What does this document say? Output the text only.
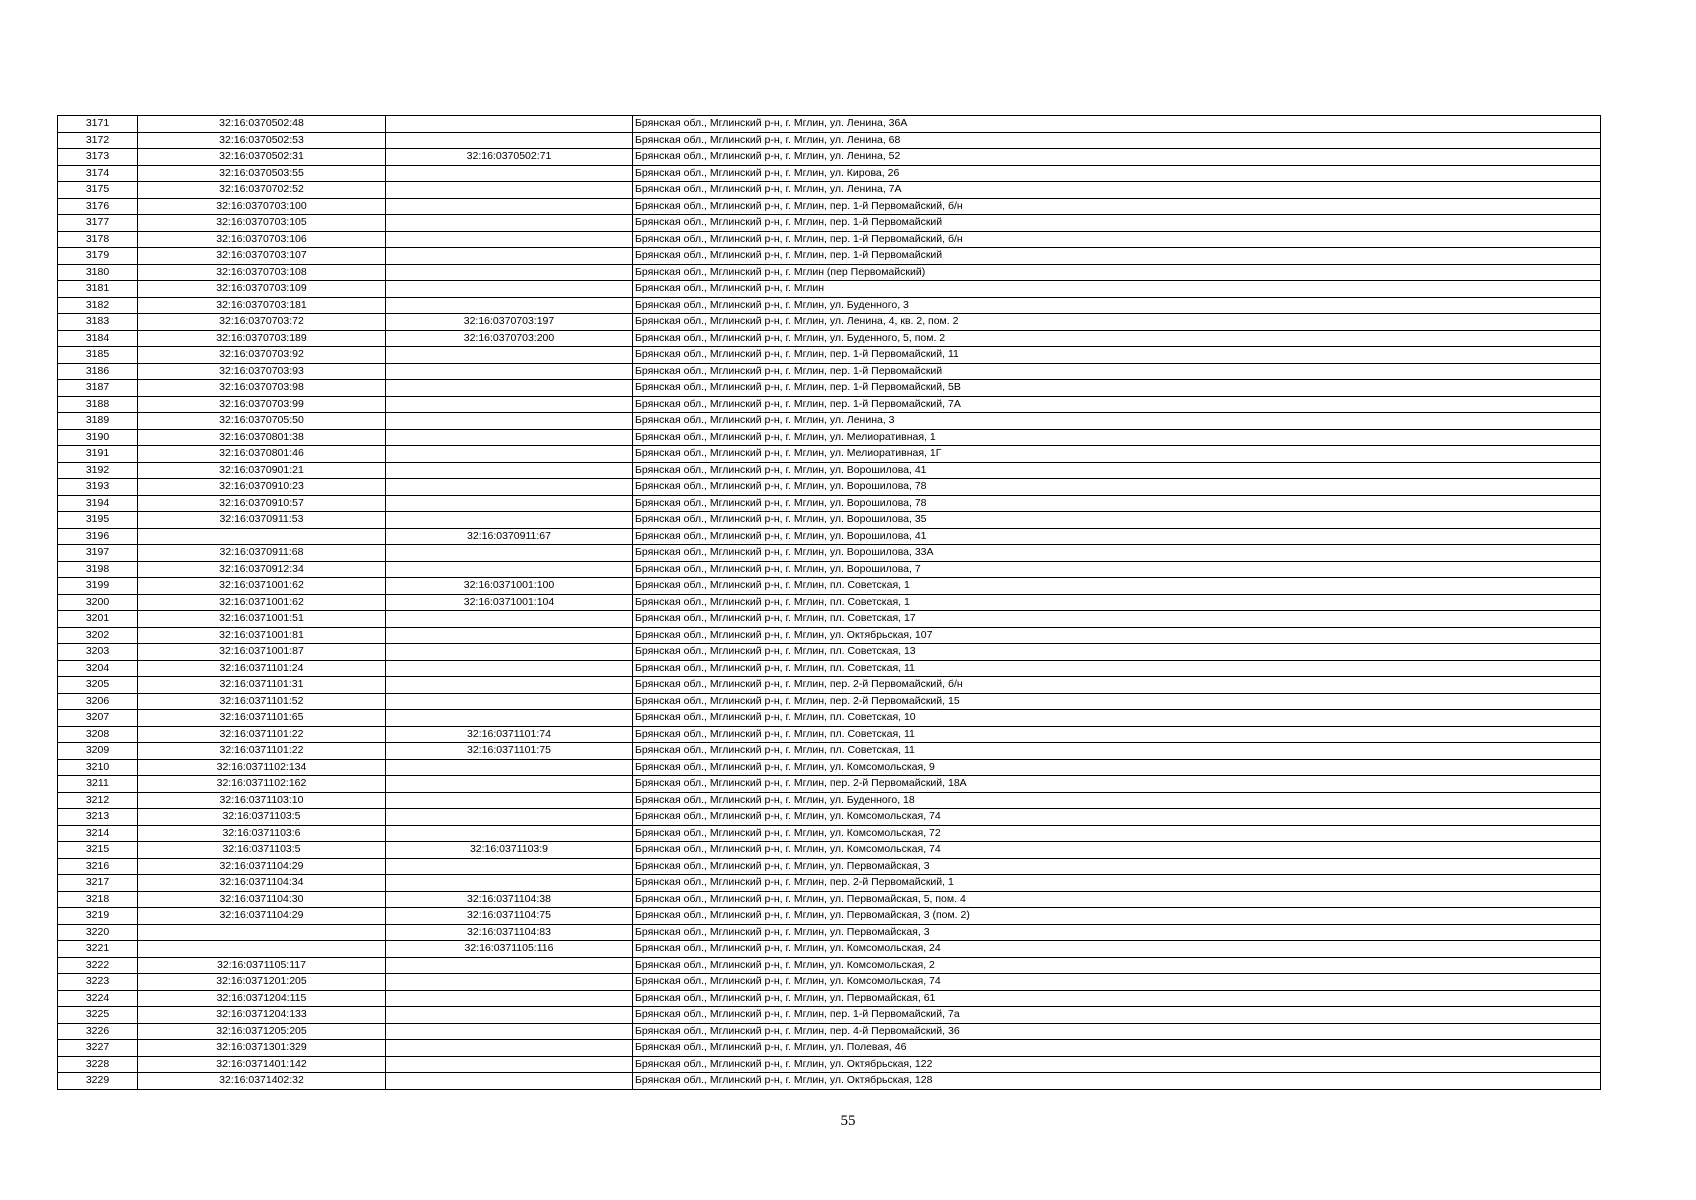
3171	32:16:0370502:48		Брянская обл., Мглинский р-н, г. Мглин, ул. Ленина, 36А
3172	32:16:0370502:53		Брянская обл., Мглинский р-н, г. Мглин, ул. Ленина, 68
3173	32:16:0370502:31	32:16:0370502:71	Брянская обл., Мглинский р-н, г. Мглин, ул. Ленина, 52
3174	32:16:0370503:55		Брянская обл., Мглинский р-н, г. Мглин, ул. Кирова, 26
3175	32:16:0370702:52		Брянская обл., Мглинский р-н, г. Мглин, ул. Ленина, 7А
3176	32:16:0370703:100		Брянская обл., Мглинский р-н, г. Мглин, пер. 1-й Первомайский, б/н
3177	32:16:0370703:105		Брянская обл., Мглинский р-н, г. Мглин, пер. 1-й Первомайский
3178	32:16:0370703:106		Брянская обл., Мглинский р-н, г. Мглин, пер. 1-й Первомайский, б/н
3179	32:16:0370703:107		Брянская обл., Мглинский р-н, г. Мглин, пер. 1-й Первомайский
3180	32:16:0370703:108		Брянская обл., Мглинский р-н, г. Мглин (пер Первомайский)
3181	32:16:0370703:109		Брянская обл., Мглинский р-н, г. Мглин
3182	32:16:0370703:181		Брянская обл., Мглинский р-н, г. Мглин, ул. Буденного, 3
3183	32:16:0370703:72	32:16:0370703:197	Брянская обл., Мглинский р-н, г. Мглин, ул. Ленина, 4, кв. 2, пом. 2
3184	32:16:0370703:189	32:16:0370703:200	Брянская обл., Мглинский р-н, г. Мглин, ул. Буденного, 5, пом. 2
3185	32:16:0370703:92		Брянская обл., Мглинский р-н, г. Мглин, пер. 1-й Первомайский, 11
3186	32:16:0370703:93		Брянская обл., Мглинский р-н, г. Мглин, пер. 1-й Первомайский
3187	32:16:0370703:98		Брянская обл., Мглинский р-н, г. Мглин, пер. 1-й Первомайский, 5В
3188	32:16:0370703:99		Брянская обл., Мглинский р-н, г. Мглин, пер. 1-й Первомайский, 7А
3189	32:16:0370705:50		Брянская обл., Мглинский р-н, г. Мглин, ул. Ленина, 3
3190	32:16:0370801:38		Брянская обл., Мглинский р-н, г. Мглин, ул. Мелиоративная, 1
3191	32:16:0370801:46		Брянская обл., Мглинский р-н, г. Мглин, ул. Мелиоративная, 1Г
3192	32:16:0370901:21		Брянская обл., Мглинский р-н, г. Мглин, ул. Ворошилова, 41
3193	32:16:0370910:23		Брянская обл., Мглинский р-н, г. Мглин, ул. Ворошилова, 78
3194	32:16:0370910:57		Брянская обл., Мглинский р-н, г. Мглин, ул. Ворошилова, 78
3195	32:16:0370911:53		Брянская обл., Мглинский р-н, г. Мглин, ул. Ворошилова, 35
3196		32:16:0370911:67	Брянская обл., Мглинский р-н, г. Мглин, ул. Ворошилова, 41
3197	32:16:0370911:68		Брянская обл., Мглинский р-н, г. Мглин, ул. Ворошилова, 33А
3198	32:16:0370912:34		Брянская обл., Мглинский р-н, г. Мглин, ул. Ворошилова, 7
3199	32:16:0371001:62	32:16:0371001:100	Брянская обл., Мглинский р-н, г. Мглин, пл. Советская, 1
3200	32:16:0371001:62	32:16:0371001:104	Брянская обл., Мглинский р-н, г. Мглин, пл. Советская, 1
3201	32:16:0371001:51		Брянская обл., Мглинский р-н, г. Мглин, пл. Советская, 17
3202	32:16:0371001:81		Брянская обл., Мглинский р-н, г. Мглин, ул. Октябрьская, 107
3203	32:16:0371001:87		Брянская обл., Мглинский р-н, г. Мглин, пл. Советская, 13
3204	32:16:0371101:24		Брянская обл., Мглинский р-н, г. Мглин, пл. Советская, 11
3205	32:16:0371101:31		Брянская обл., Мглинский р-н, г. Мглин, пер. 2-й Первомайский, б/н
3206	32:16:0371101:52		Брянская обл., Мглинский р-н, г. Мглин, пер. 2-й Первомайский, 15
3207	32:16:0371101:65		Брянская обл., Мглинский р-н, г. Мглин, пл. Советская, 10
3208	32:16:0371101:22	32:16:0371101:74	Брянская обл., Мглинский р-н, г. Мглин, пл. Советская, 11
3209	32:16:0371101:22	32:16:0371101:75	Брянская обл., Мглинский р-н, г. Мглин, пл. Советская, 11
3210	32:16:0371102:134		Брянская обл., Мглинский р-н, г. Мглин, ул. Комсомольская, 9
3211	32:16:0371102:162		Брянская обл., Мглинский р-н, г. Мглин, пер. 2-й Первомайский, 18А
3212	32:16:0371103:10		Брянская обл., Мглинский р-н, г. Мглин, ул. Буденного, 18
3213	32:16:0371103:5		Брянская обл., Мглинский р-н, г. Мглин, ул. Комсомольская, 74
3214	32:16:0371103:6		Брянская обл., Мглинский р-н, г. Мглин, ул. Комсомольская, 72
3215	32:16:0371103:5	32:16:0371103:9	Брянская обл., Мглинский р-н, г. Мглин, ул. Комсомольская, 74
3216	32:16:0371104:29		Брянская обл., Мглинский р-н, г. Мглин, ул. Первомайская, 3
3217	32:16:0371104:34		Брянская обл., Мглинский р-н, г. Мглин, пер. 2-й Первомайский, 1
3218	32:16:0371104:30	32:16:0371104:38	Брянская обл., Мглинский р-н, г. Мглин, ул. Первомайская, 5, пом. 4
3219	32:16:0371104:29	32:16:0371104:75	Брянская обл., Мглинский р-н, г. Мглин, ул. Первомайская, 3 (пом. 2)
3220		32:16:0371104:83	Брянская обл., Мглинский р-н, г. Мглин, ул. Первомайская, 3
3221		32:16:0371105:116	Брянская обл., Мглинский р-н, г. Мглин, ул. Комсомольская, 24
3222	32:16:0371105:117		Брянская обл., Мглинский р-н, г. Мглин, ул. Комсомольская, 2
3223	32:16:0371201:205		Брянская обл., Мглинский р-н, г. Мглин, ул. Комсомольская, 74
3224	32:16:0371204:115		Брянская обл., Мглинский р-н, г. Мглин, ул. Первомайская, 61
3225	32:16:0371204:133		Брянская обл., Мглинский р-н, г. Мглин, пер. 1-й Первомайский, 7а
3226	32:16:0371205:205		Брянская обл., Мглинский р-н, г. Мглин, пер. 4-й Первомайский, 36
3227	32:16:0371301:329		Брянская обл., Мглинский р-н, г. Мглин, ул. Полевая, 46
3228	32:16:0371401:142		Брянская обл., Мглинский р-н, г. Мглин, ул. Октябрьская, 122
3229	32:16:0371402:32		Брянская обл., Мглинский р-н, г. Мглин, ул. Октябрьская, 128
55
